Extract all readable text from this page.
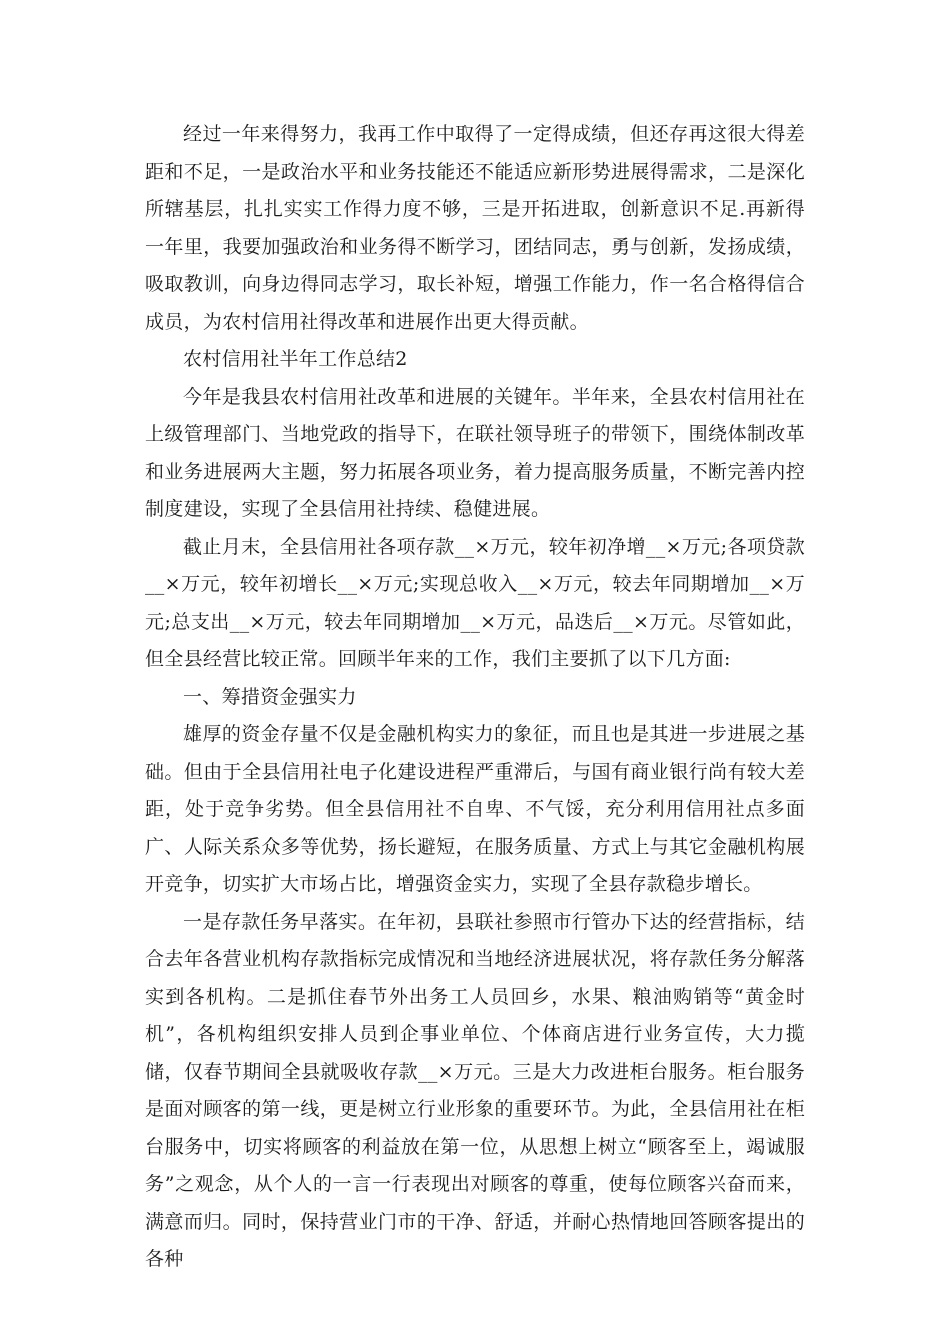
经过一年来得努力，我再工作中取得了一定得成绩，但还存再这很大得差距和不足，一是政治水平和业务技能还不能适应新形势进展得需求，二是深化所辖基层，扎扎实实工作得力度不够，三是开拓进取，创新意识不足.再新得一年里，我要加强政治和业务得不断学习，团结同志，勇与创新，发扬成绩，吸取教训，向身边得同志学习，取长补短，增强工作能力，作一名合格得信合成员，为农村信用社得改革和进展作出更大得贡献。

农村信用社半年工作总结2

今年是我县农村信用社改革和进展的关键年。半年来，全县农村信用社在上级管理部门、当地党政的指导下，在联社领导班子的带领下，围绕体制改革和业务进展两大主题，努力拓展各项业务，着力提高服务质量，不断完善内控制度建设，实现了全县信用社持续、稳健进展。

截止月末，全县信用社各项存款__×万元，较年初净增__×万元;各项贷款__×万元，较年初增长__×万元;实现总收入__×万元，较去年同期增加__×万元;总支出__×万元，较去年同期增加__×万元，品迭后__×万元。尽管如此，但全县经营比较正常。回顾半年来的工作，我们主要抓了以下几方面:

一、筹措资金强实力

雄厚的资金存量不仅是金融机构实力的象征，而且也是其进一步进展之基础。但由于全县信用社电子化建设进程严重滞后，与国有商业银行尚有较大差距，处于竞争劣势。但全县信用社不自卑、不气馁，充分利用信用社点多面广、人际关系众多等优势，扬长避短，在服务质量、方式上与其它金融机构展开竞争，切实扩大市场占比，增强资金实力，实现了全县存款稳步增长。

一是存款任务早落实。在年初，县联社参照市行管办下达的经营指标，结合去年各营业机构存款指标完成情况和当地经济进展状况，将存款任务分解落实到各机构。二是抓住春节外出务工人员回乡，水果、粮油购销等“黄金时机”，各机构组织安排人员到企事业单位、个体商店进行业务宣传，大力揽储，仅春节期间全县就吸收存款__×万元。三是大力改进柜台服务。柜台服务是面对顾客的第一线，更是树立行业形象的重要环节。为此，全县信用社在柜台服务中，切实将顾客的利益放在第一位，从思想上树立“顾客至上，竭诚服务”之观念，从个人的一言一行表现出对顾客的尊重，使每位顾客兴奋而来，满意而归。同时，保持营业门市的干净、舒适，并耐心热情地回答顾客提出的各种
